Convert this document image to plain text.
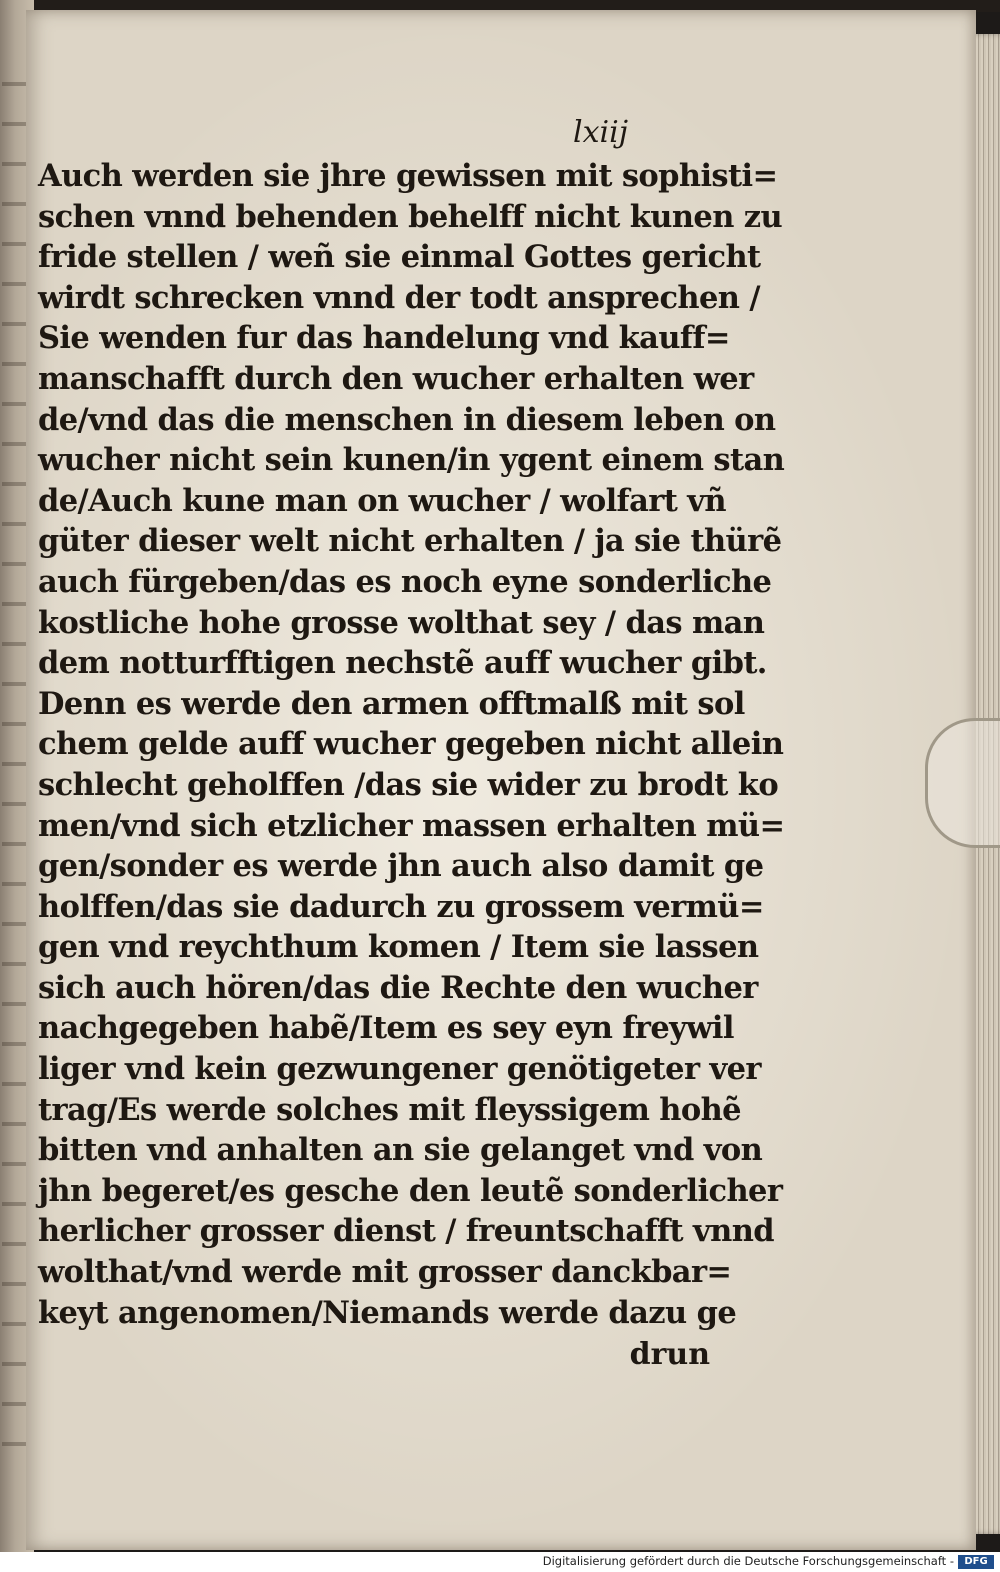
lxiij
Auch werden sie jhre gewissen mit sophisti=
schen vnnd behenden behelff nicht kunen zu
fride stellen / weñ sie einmal Gottes gericht
wirdt schrecken vnnd der todt ansprechen /
Sie wenden fur das handelung vnd kauff=
manschafft durch den wucher erhalten wer
de/vnd das die menschen in diesem leben on
wucher nicht sein kunen/in ygent einem stan
de/Auch kune man on wucher / wolfart vñ
güter dieser welt nicht erhalten / ja sie thürẽ
auch fürgeben/das es noch eyne sonderliche
kostliche hohe grosse wolthat sey / das man
dem notturfftigen nechstẽ auff wucher gibt.
Denn es werde den armen offtmalß mit sol
chem gelde auff wucher gegeben nicht allein
schlecht geholffen /das sie wider zu brodt ko
men/vnd sich etzlicher massen erhalten mü=
gen/sonder es werde jhn auch also damit ge
holffen/das sie dadurch zu grossem vermü=
gen vnd reychthum komen / Item sie lassen
sich auch hören/das die Rechte den wucher
nachgegeben habẽ/Item es sey eyn freywil
liger vnd kein gezwungener genötigeter ver
trag/Es werde solches mit fleyssigem hohẽ
bitten vnd anhalten an sie gelanget vnd von
jhn begeret/es gesche den leutẽ sonderlicher
herlicher grosser dienst / freuntschafft vnnd
wolthat/vnd werde mit grosser danckbar=
keyt angenomen/Niemands werde dazu ge
drun
Digitalisierung gefördert durch die Deutsche Forschungsgemeinschaft -	DFG
